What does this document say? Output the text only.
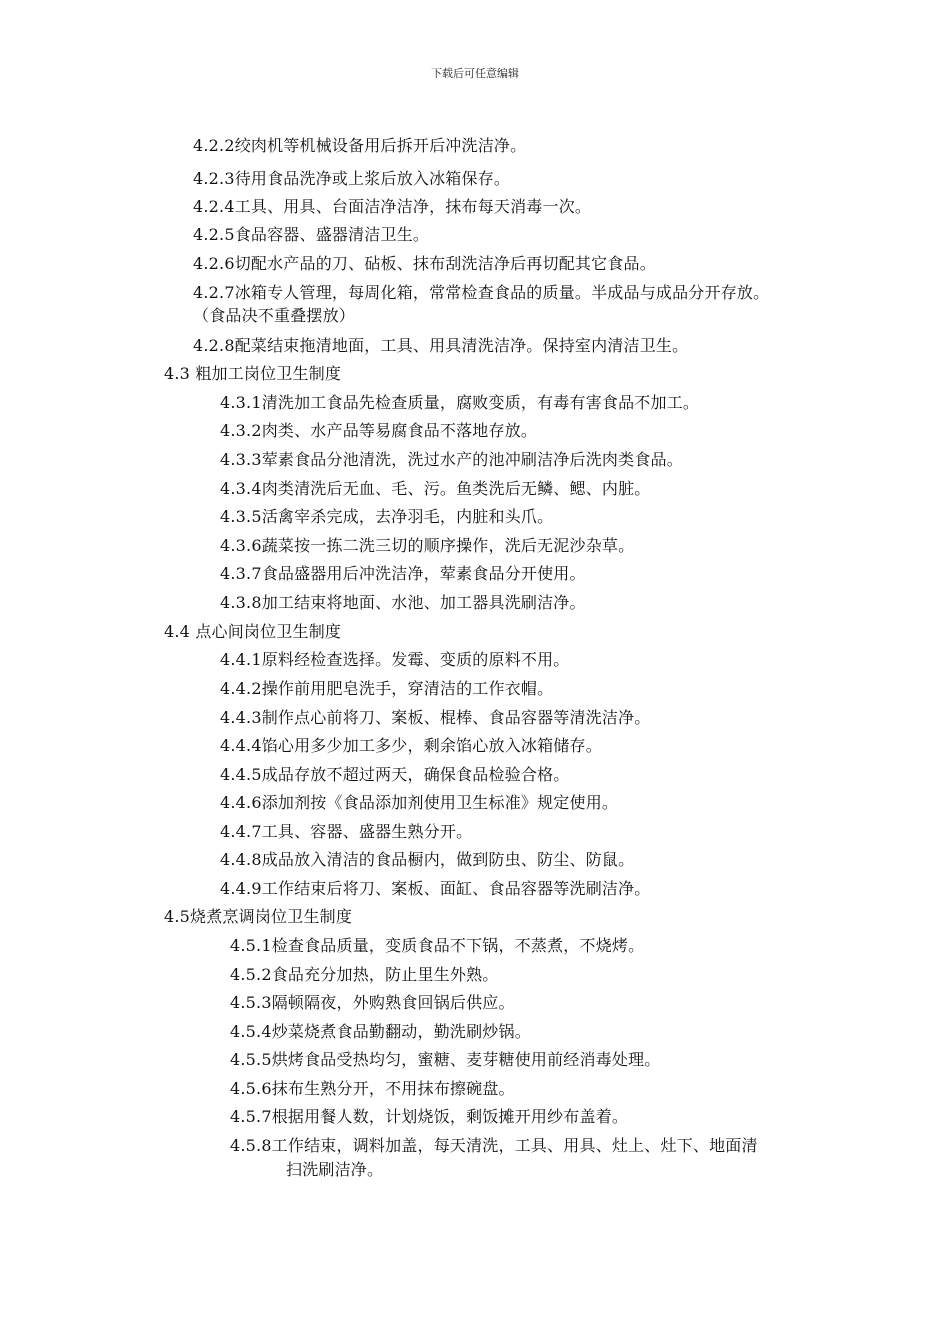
下载后可任意编辑
4.2.2绞肉机等机械设备用后拆开后冲洗洁净。
4.2.3待用食品洗净或上浆后放入冰箱保存。
4.2.4工具、用具、台面洁净洁净，抹布每天消毒一次。
4.2.5食品容器、盛器清洁卫生。
4.2.6切配水产品的刀、砧板、抹布刮洗洁净后再切配其它食品。
4.2.7冰箱专人管理，每周化箱，常常检查食品的质量。半成品与成品分开存放。
（食品决不重叠摆放）
4.2.8配菜结束拖清地面，工具、用具清洗洁净。保持室内清洁卫生。
4.3 粗加工岗位卫生制度
4.3.1清洗加工食品先检查质量，腐败变质，有毒有害食品不加工。
4.3.2肉类、水产品等易腐食品不落地存放。
4.3.3荤素食品分池清洗，洗过水产的池冲刷洁净后洗肉类食品。
4.3.4肉类清洗后无血、毛、污。鱼类洗后无鳞、鳃、内脏。
4.3.5活禽宰杀完成，去净羽毛，内脏和头爪。
4.3.6蔬菜按一拣二洗三切的顺序操作，洗后无泥沙杂草。
4.3.7食品盛器用后冲洗洁净，荤素食品分开使用。
4.3.8加工结束将地面、水池、加工器具洗刷洁净。
4.4 点心间岗位卫生制度
4.4.1原料经检查选择。发霉、变质的原料不用。
4.4.2操作前用肥皂洗手，穿清洁的工作衣帽。
4.4.3制作点心前将刀、案板、棍棒、食品容器等清洗洁净。
4.4.4馅心用多少加工多少，剩余馅心放入冰箱储存。
4.4.5成品存放不超过两天，确保食品检验合格。
4.4.6添加剂按《食品添加剂使用卫生标准》规定使用。
4.4.7工具、容器、盛器生熟分开。
4.4.8成品放入清洁的食品橱内，做到防虫、防尘、防鼠。
4.4.9工作结束后将刀、案板、面缸、食品容器等洗刷洁净。
4.5烧煮烹调岗位卫生制度
4.5.1检查食品质量，变质食品不下锅，不蒸煮，不烧烤。
4.5.2食品充分加热，防止里生外熟。
4.5.3隔顿隔夜，外购熟食回锅后供应。
4.5.4炒菜烧煮食品勤翻动，勤洗刷炒锅。
4.5.5烘烤食品受热均匀，蜜糖、麦芽糖使用前经消毒处理。
4.5.6抹布生熟分开，不用抹布擦碗盘。
4.5.7根据用餐人数，计划烧饭，剩饭摊开用纱布盖着。
4.5.8工作结束，调料加盖，每天清洗，工具、用具、灶上、灶下、地面清
扫洗刷洁净。
